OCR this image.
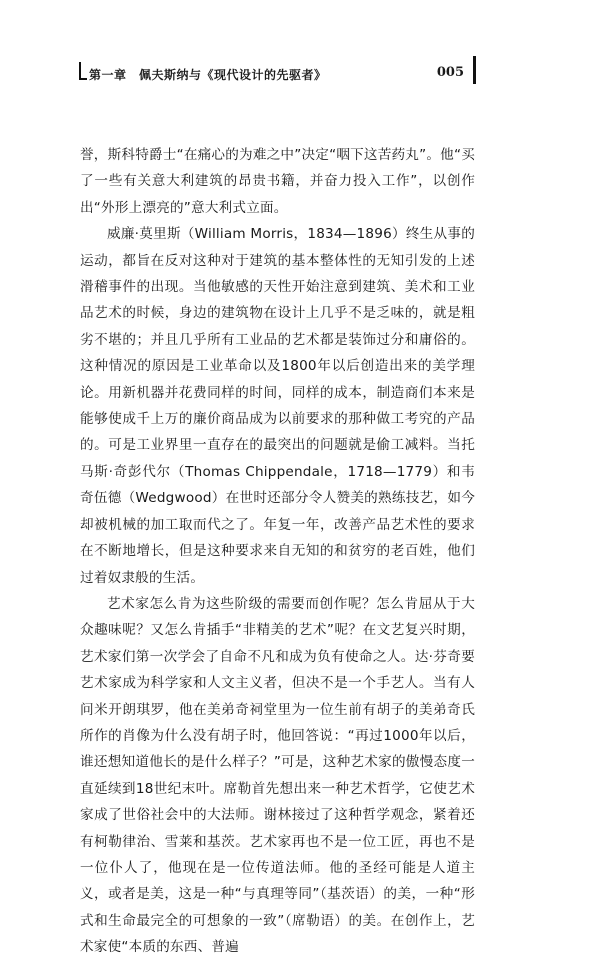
第一章　佩夫斯纳与《现代设计的先驱者》	005

誉，斯科特爵士“在痛心的为难之中”决定“咽下这苦药丸”。他“买了一些有关意大利建筑的昂贵书籍，并奋力投入工作”，以创作出“外形上漂亮的”意大利式立面。

威廉·莫里斯（William Morris，1834—1896）终生从事的运动，都旨在反对这种对于建筑的基本整体性的无知引发的上述滑稽事件的出现。当他敏感的天性开始注意到建筑、美术和工业品艺术的时候，身边的建筑物在设计上几乎不是乏味的，就是粗劣不堪的；并且几乎所有工业品的艺术都是装饰过分和庸俗的。这种情况的原因是工业革命以及1800年以后创造出来的美学理论。用新机器并花费同样的时间，同样的成本，制造商们本来是能够使成千上万的廉价商品成为以前要求的那种做工考究的产品的。可是工业界里一直存在的最突出的问题就是偷工减料。当托马斯·奇彭代尔（Thomas Chippendale，1718—1779）和韦奇伍德（Wedgwood）在世时还部分令人赞美的熟练技艺，如今却被机械的加工取而代之了。年复一年，改善产品艺术性的要求在不断地增长，但是这种要求来自无知的和贫穷的老百姓，他们过着奴隶般的生活。

艺术家怎么肯为这些阶级的需要而创作呢？怎么肯屈从于大众趣味呢？又怎么肯插手“非精美的艺术”呢？在文艺复兴时期，艺术家们第一次学会了自命不凡和成为负有使命之人。达·芬奇要艺术家成为科学家和人文主义者，但决不是一个手艺人。当有人问米开朗琪罗，他在美弟奇祠堂里为一位生前有胡子的美弟奇氏所作的肖像为什么没有胡子时，他回答说：“再过1000年以后，谁还想知道他长的是什么样子？”可是，这种艺术家的傲慢态度一直延续到18世纪末叶。席勒首先想出来一种艺术哲学，它使艺术家成了世俗社会中的大法师。谢林接过了这种哲学观念，紧着还有柯勒律治、雪莱和基茨。艺术家再也不是一位工匠，再也不是一位仆人了，他现在是一位传道法师。他的圣经可能是人道主义，或者是美，这是一种“与真理等同”（基茨语）的美，一种“形式和生命最完全的可想象的一致”（席勒语）的美。在创作上，艺术家使“本质的东西、普遍
